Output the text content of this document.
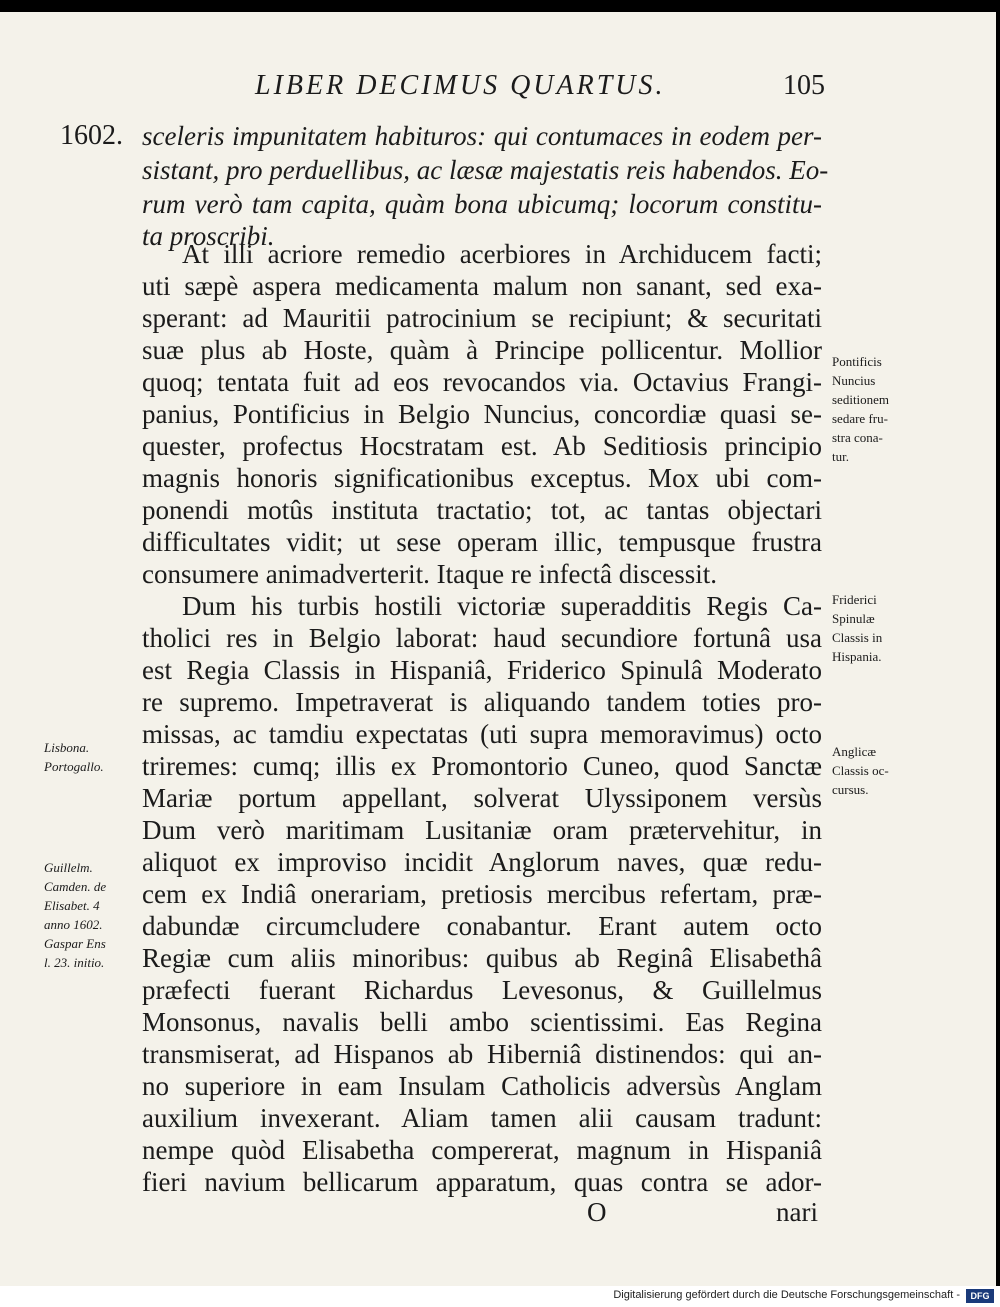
LIBER DECIMUS QUARTUS.	105
1602. sceleris impunitatem habituros: qui contumaces in eodem per-
sistant, pro perduellibus, ac læsæ majestatis reis habendos. Eo-
rum verò tam capita, quàm bona ubicumq; locorum constitu-
ta proscribi.
At illi acriore remedio acerbiores in Archiducem facti;
uti sæpè aspera medicamenta malum non sanant, sed exa-
sperant: ad Mauritii patrocinium se recipiunt; & securitati
suæ plus ab Hoste, quàm à Principe pollicentur. Mollior
quoq; tentata fuit ad eos revocandos via. Octavius Frangi-
panius, Pontificius in Belgio Nuncius, concordiæ quasi se-
quester, profectus Hocstratam est. Ab Seditiosis principio
magnis honoris significationibus exceptus. Mox ubi com-
ponendi motûs instituta tractatio; tot, ac tantas objectari
difficultates vidit; ut sese operam illic, tempusque frustra
consumere animadverterit. Itaque re infectâ discessit.
Dum his turbis hostili victoriæ superadditis Regis Ca-
tholici res in Belgio laborat: haud secundiore fortunâ usa
est Regia Classis in Hispaniâ, Friderico Spinulâ Moderato
re supremo. Impetraverat is aliquando tandem toties pro-
missas, ac tamdiu expectatas (uti supra memoravimus) octo
triremes: cumq; illis ex Promontorio Cuneo, quod Sanctæ
Mariæ portum appellant, solverat Ulyssiponem versùs
Dum verò maritimam Lusitaniæ oram prætervehitur, in
aliquot ex improviso incidit Anglorum naves, quæ redu-
cem ex Indiâ onerariam, pretiosis mercibus refertam, præ-
dabundæ circumcludere conabantur. Erant autem octo
Regiæ cum aliis minoribus: quibus ab Reginâ Elisabethâ
præfecti fuerant Richardus Levesonus, & Guillelmus
Monsonus, navalis belli ambo scientissimi. Eas Regina
transmiserat, ad Hispanos ab Hiberniâ distinendos: qui an-
no superiore in eam Insulam Catholicis adversùs Anglam
auxilium invexerant. Aliam tamen alii causam tradunt:
nempe quòd Elisabetha compererat, magnum in Hispaniâ
fieri navium bellicarum apparatum, quas contra se ador-
O	nari
Pontificis
Nuncius
seditionem
sedare fru-
stra cona-
tur.
Friderici
Spinulæ
Classis in
Hispania.
Anglicæ
Classis oc-
cursus.
Lisbona.
Portogallo.
Guillelm.
Camden. de
Elisabet. 4
anno 1602.
Gaspar Ens
l. 23. initio.
Digitalisierung gefördert durch die Deutsche Forschungsgemeinschaft -	DFG
